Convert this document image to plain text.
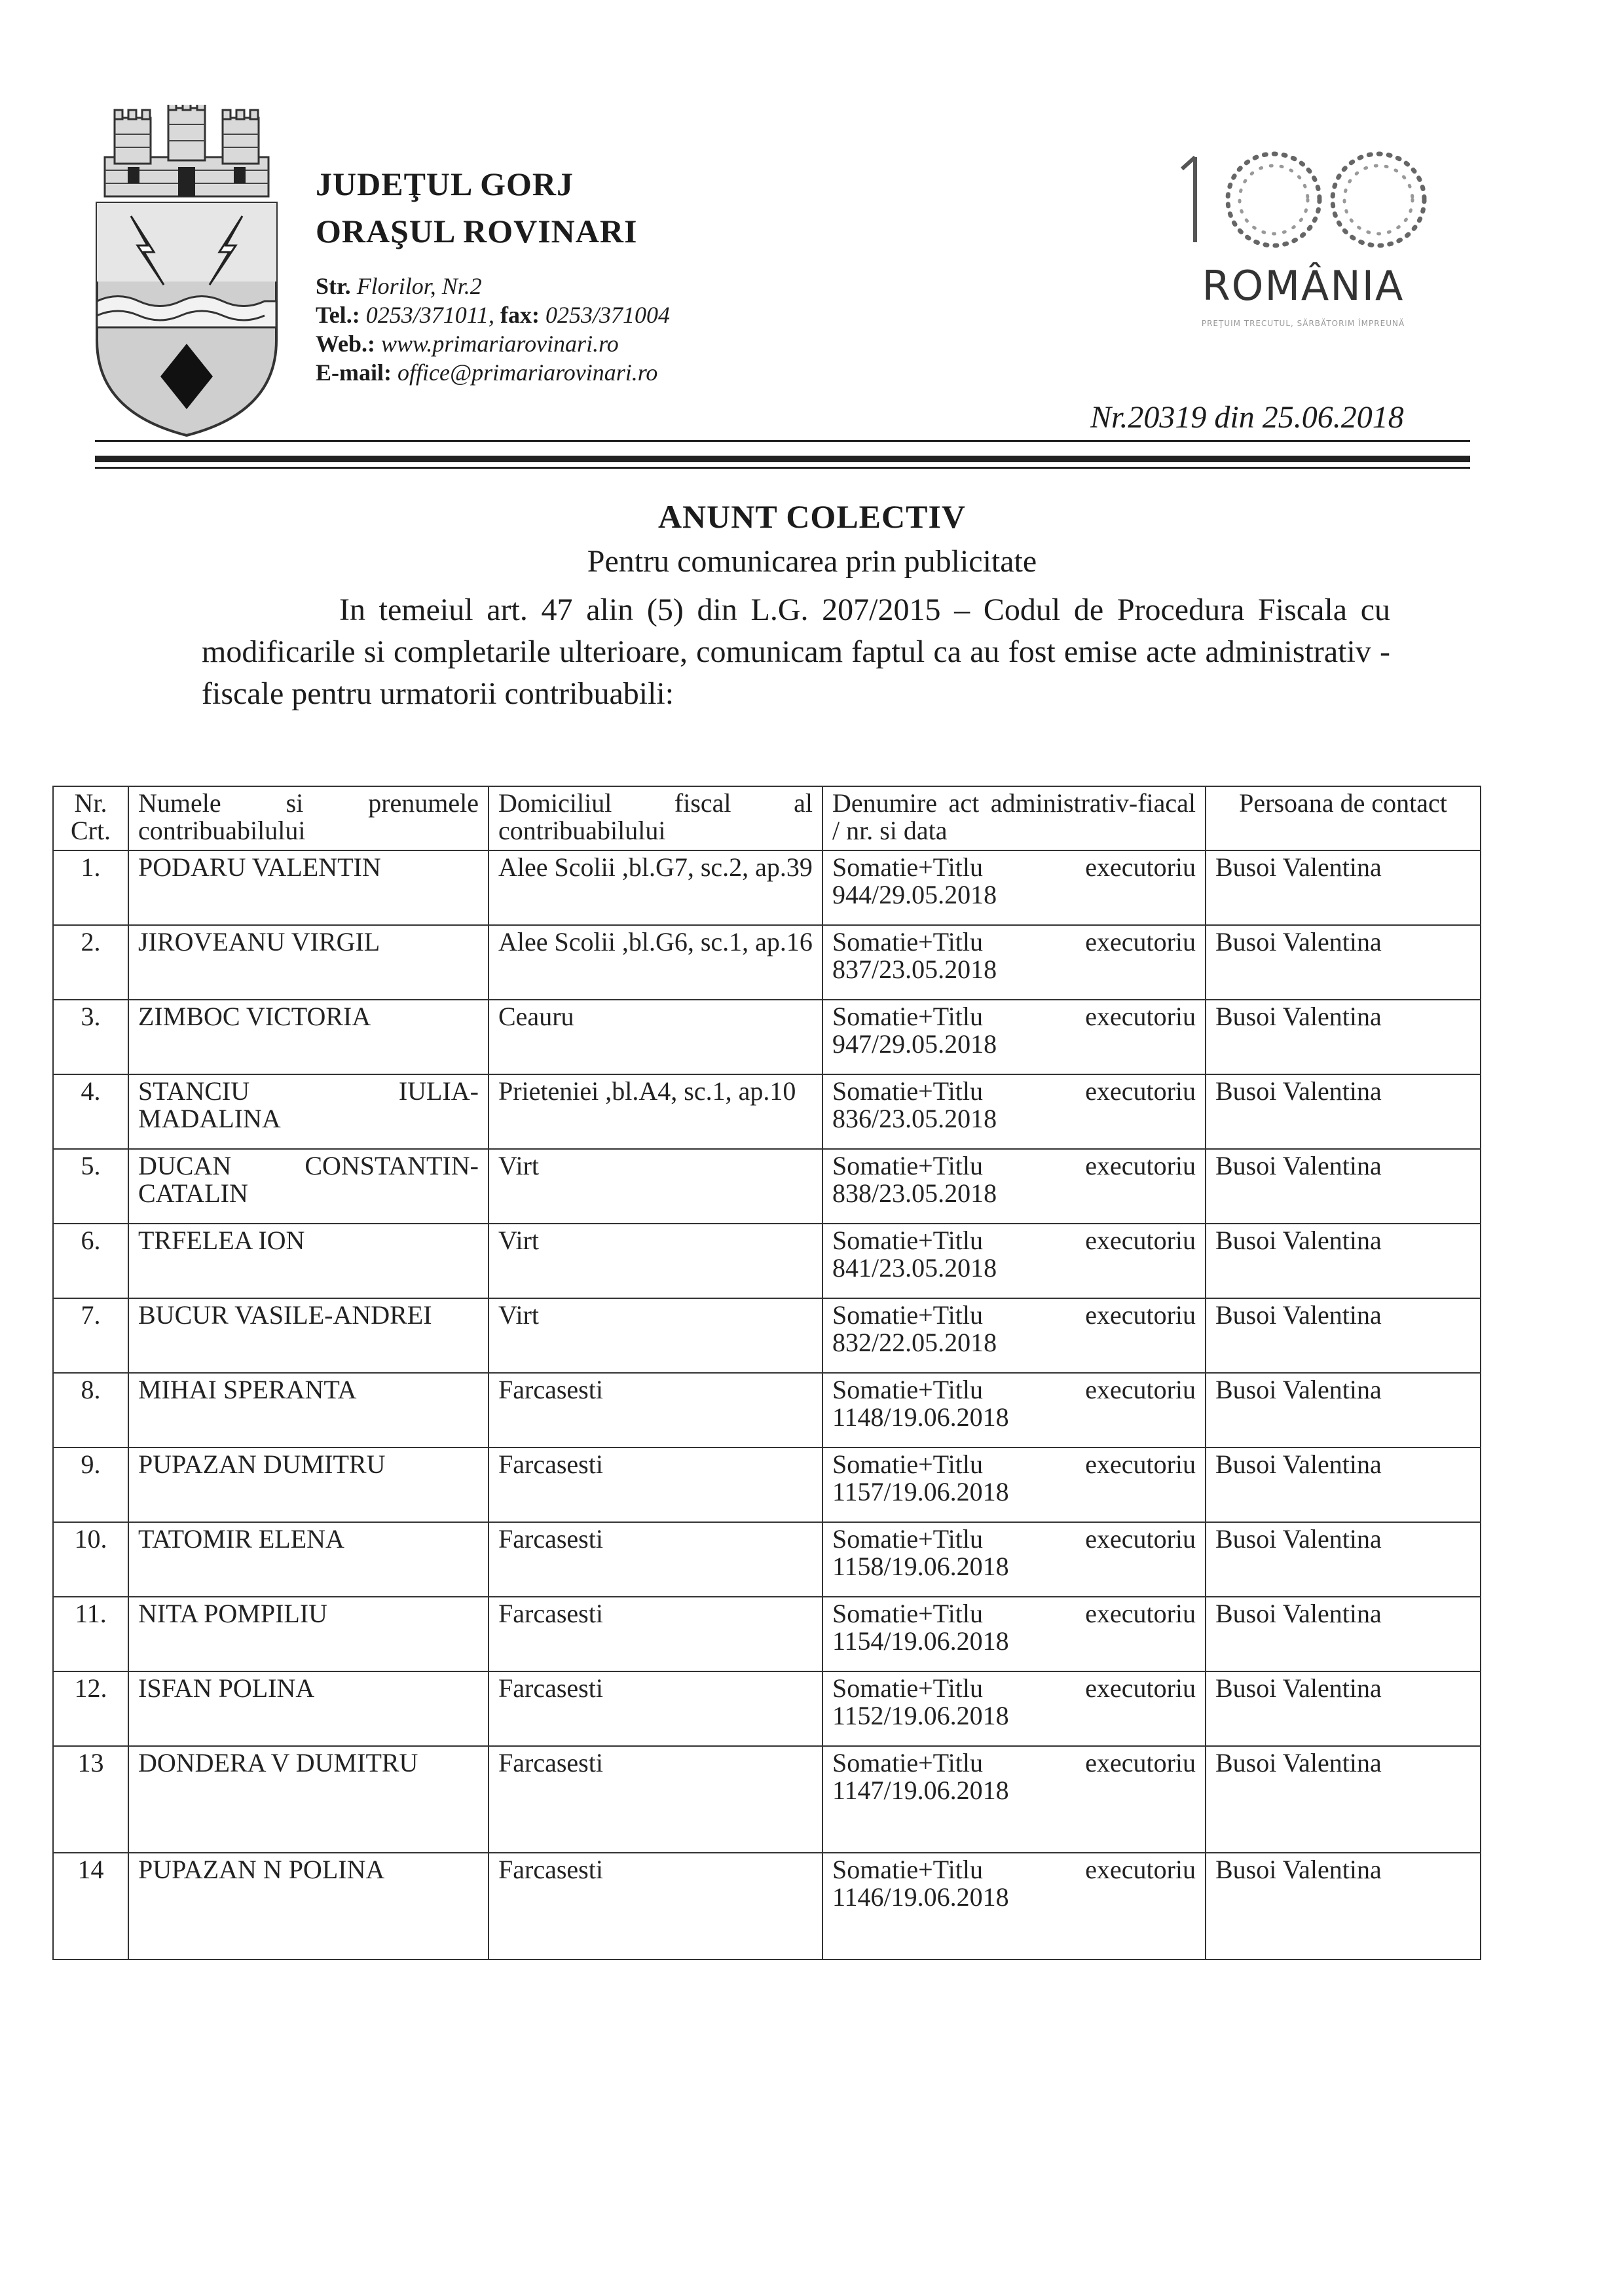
JUDEŢUL GORJ
ORAŞUL ROVINARI
Str. Florilor, Nr.2
Tel.: 0253/371011, fax: 0253/371004
Web.: www.primariarovinari.ro
E-mail: office@primariarovinari.ro
ROMÂNIA
PREŢUIM TRECUTUL, SĂRBĂTORIM ÎMPREUNĂ
Nr.20319 din 25.06.2018
ANUNT COLECTIV
Pentru comunicarea prin publicitate
In temeiul art. 47 alin (5) din L.G. 207/2015 – Codul de Procedura Fiscala cu modificarile si completarile ulterioare, comunicam faptul ca au fost emise acte administrativ - fiscale pentru urmatorii contribuabili:
Nr. Crt.	Numele si prenumele contribuabilului	Domiciliul fiscal al contribuabilului	Denumire act administrativ-fiacal / nr. si data	Persoana de contact
1.	PODARU VALENTIN	Alee Scolii ,bl.G7, sc.2, ap.39	Somatie+Titlu executoriu 944/29.05.2018	Busoi Valentina
2.	JIROVEANU VIRGIL	Alee Scolii ,bl.G6, sc.1, ap.16	Somatie+Titlu executoriu 837/23.05.2018	Busoi Valentina
3.	ZIMBOC VICTORIA	Ceauru	Somatie+Titlu executoriu 947/29.05.2018	Busoi Valentina
4.	STANCIU IULIA-MADALINA	Prieteniei ,bl.A4, sc.1, ap.10	Somatie+Titlu executoriu 836/23.05.2018	Busoi Valentina
5.	DUCAN CONSTANTIN-CATALIN	Virt	Somatie+Titlu executoriu 838/23.05.2018	Busoi Valentina
6.	TRFELEA ION	Virt	Somatie+Titlu executoriu 841/23.05.2018	Busoi Valentina
7.	BUCUR VASILE-ANDREI	Virt	Somatie+Titlu executoriu 832/22.05.2018	Busoi Valentina
8.	MIHAI SPERANTA	Farcasesti	Somatie+Titlu executoriu 1148/19.06.2018	Busoi Valentina
9.	PUPAZAN DUMITRU	Farcasesti	Somatie+Titlu executoriu 1157/19.06.2018	Busoi Valentina
10.	TATOMIR ELENA	Farcasesti	Somatie+Titlu executoriu 1158/19.06.2018	Busoi Valentina
11.	NITA POMPILIU	Farcasesti	Somatie+Titlu executoriu 1154/19.06.2018	Busoi Valentina
12.	ISFAN POLINA	Farcasesti	Somatie+Titlu executoriu 1152/19.06.2018	Busoi Valentina
13	DONDERA V DUMITRU	Farcasesti	Somatie+Titlu executoriu 1147/19.06.2018	Busoi Valentina
14	PUPAZAN N POLINA	Farcasesti	Somatie+Titlu executoriu 1146/19.06.2018	Busoi Valentina
